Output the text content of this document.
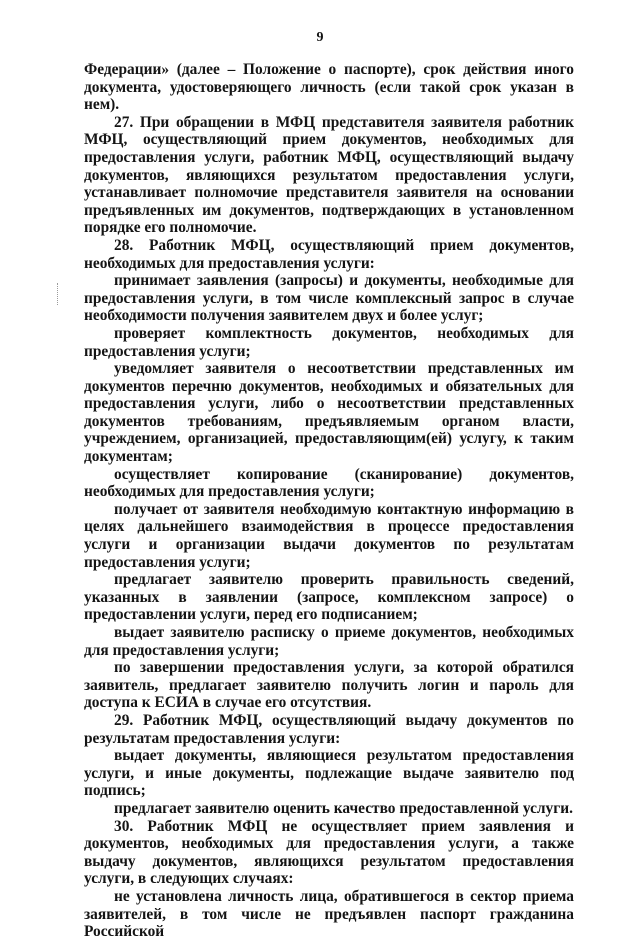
9

Федерации» (далее – Положение о паспорте), срок действия иного документа, удостоверяющего личность (если такой срок указан в нем).

27. При обращении в МФЦ представителя заявителя работник МФЦ, осуществляющий прием документов, необходимых для предоставления услуги, работник МФЦ, осуществляющий выдачу документов, являющихся результатом предоставления услуги, устанавливает полномочие представителя заявителя на основании предъявленных им документов, подтверждающих в установленном порядке его полномочие.

28. Работник МФЦ, осуществляющий прием документов, необходимых для предоставления услуги:

принимает заявления (запросы) и документы, необходимые для предоставления услуги, в том числе комплексный запрос в случае необходимости получения заявителем двух и более услуг;

проверяет комплектность документов, необходимых для предоставления услуги;

уведомляет заявителя о несоответствии представленных им документов перечню документов, необходимых и обязательных для предоставления услуги, либо о несоответствии представленных документов требованиям, предъявляемым органом власти, учреждением, организацией, предоставляющим(ей) услугу, к таким документам;

осуществляет копирование (сканирование) документов, необходимых для предоставления услуги;

получает от заявителя необходимую контактную информацию в целях дальнейшего взаимодействия в процессе предоставления услуги и организации выдачи документов по результатам предоставления услуги;

предлагает заявителю проверить правильность сведений, указанных в заявлении (запросе, комплексном запросе) о предоставлении услуги, перед его подписанием;

выдает заявителю расписку о приеме документов, необходимых для предоставления услуги;

по завершении предоставления услуги, за которой обратился заявитель, предлагает заявителю получить логин и пароль для доступа к ЕСИА в случае его отсутствия.

29. Работник МФЦ, осуществляющий выдачу документов по результатам предоставления услуги:

выдает документы, являющиеся результатом предоставления услуги, и иные документы, подлежащие выдаче заявителю под подпись;

предлагает заявителю оценить качество предоставленной услуги.

30. Работник МФЦ не осуществляет прием заявления и документов, необходимых для предоставления услуги, а также выдачу документов, являющихся результатом предоставления услуги, в следующих случаях:

не установлена личность лица, обратившегося в сектор приема заявителей, в том числе не предъявлен паспорт гражданина Российской
